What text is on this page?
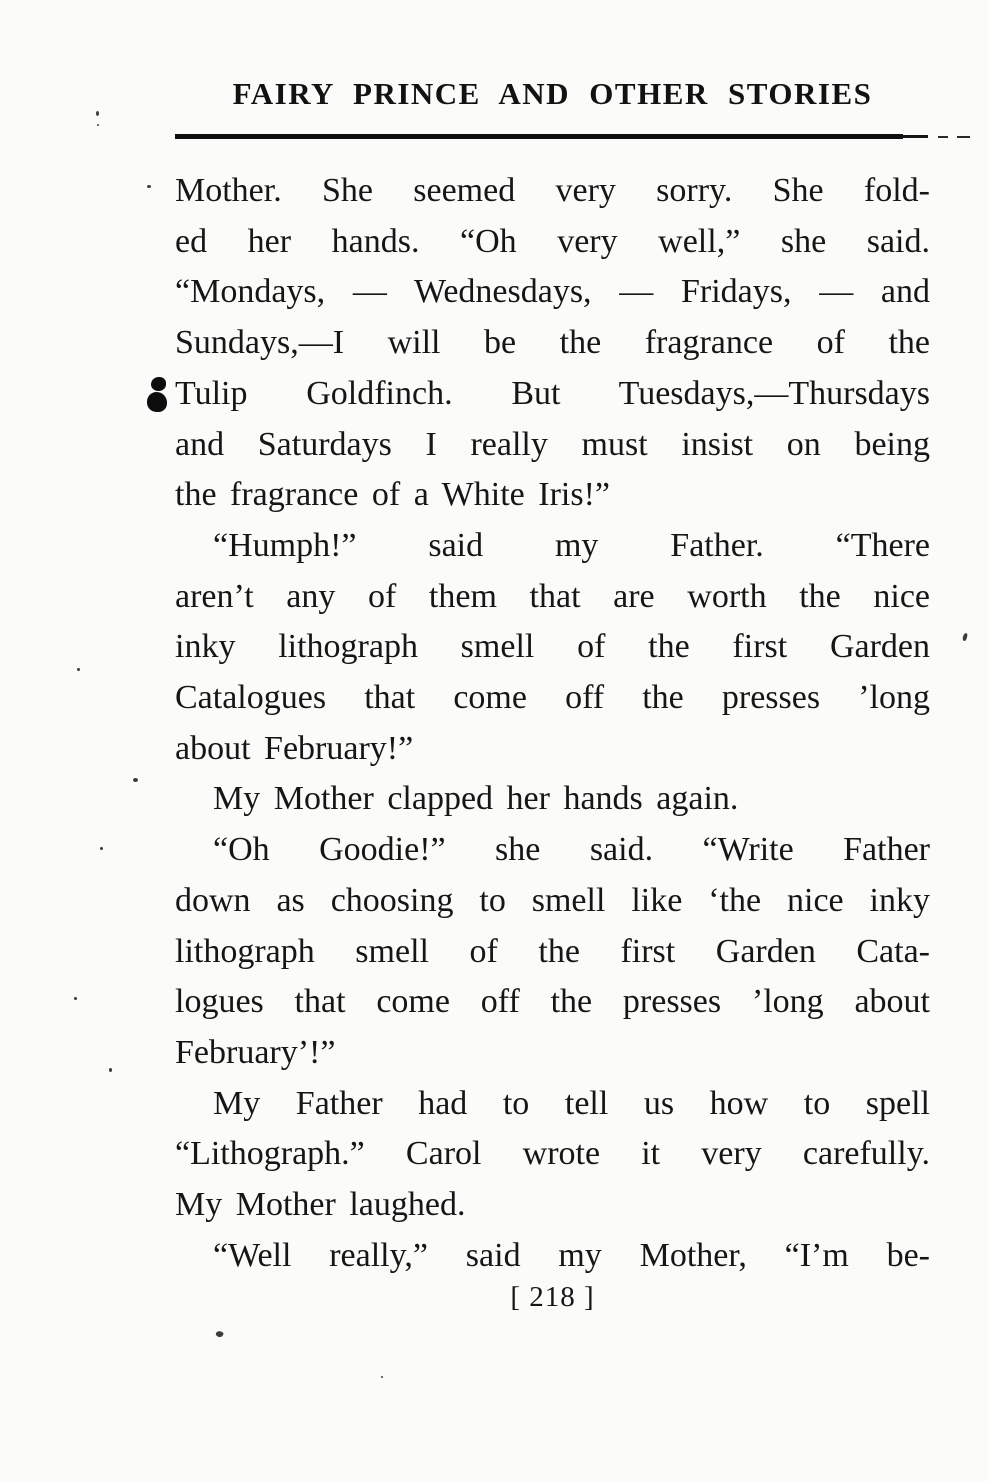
FAIRY PRINCE AND OTHER STORIES
Mother. She seemed very sorry. She fold-
ed her hands. “Oh very well,” she said.
“Mondays, — Wednesdays, — Fridays, — and
Sundays,—I will be the fragrance of the
Tulip Goldfinch. But Tuesdays,—Thursdays
and Saturdays I really must insist on being
the fragrance of a White Iris!”
“Humph!” said my Father. “There
aren’t any of them that are worth the nice
inky lithograph smell of the first Garden
Catalogues that come off the presses ’long
about February!”
My Mother clapped her hands again.
“Oh Goodie!” she said. “Write Father
down as choosing to smell like ‘the nice inky
lithograph smell of the first Garden Cata-
logues that come off the presses ’long about
February’!”
My Father had to tell us how to spell
“Lithograph.” Carol wrote it very carefully.
My Mother laughed.
“Well really,” said my Mother, “I’m be-
[ 218 ]
